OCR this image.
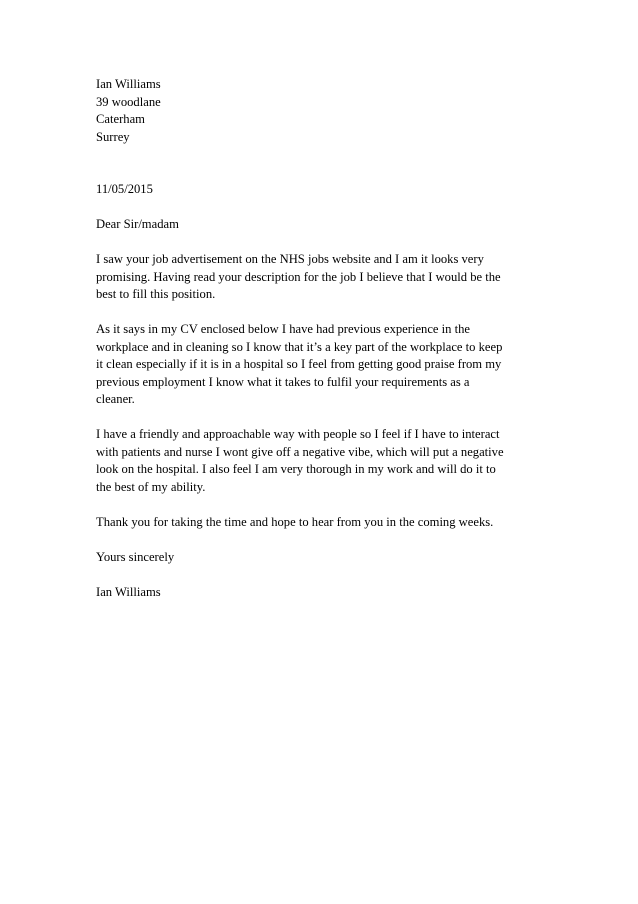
Ian Williams
39 woodlane
Caterham
Surrey
11/05/2015
Dear Sir/madam

I saw your job advertisement on the NHS jobs website and I am it looks very
promising. Having read your description for the job I believe that I would be the
best to fill this position.

As it says in my CV enclosed below I have had previous experience in the
workplace and in cleaning so I know that it’s a key part of the workplace to keep
it clean especially if it is in a hospital so I feel from getting good praise from my
previous employment I know what it takes to fulfil your requirements as a
cleaner.

I have a friendly and approachable way with people so I feel if I have to interact
with patients and nurse I wont give off a negative vibe, which will put a negative
look on the hospital. I also feel I am very thorough in my work and will do it to
the best of my ability.

Thank you for taking the time and hope to hear from you in the coming weeks.

Yours sincerely
Ian Williams
